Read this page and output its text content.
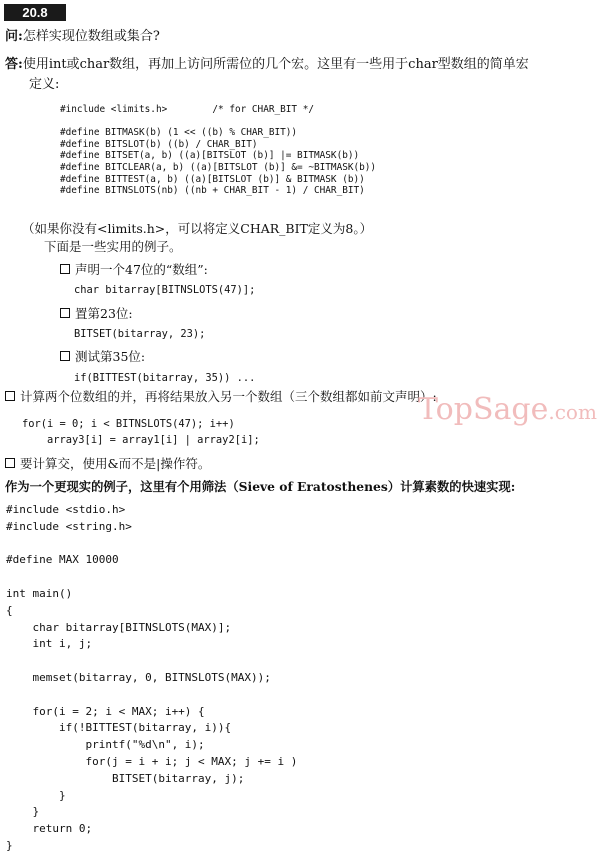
20.8
问:怎样实现位数组或集合?
答:使用int或char数组，再加上访问所需位的几个宏。这里有一些用于char型数组的简单宏
定义:
#include <limits.h>        /* for CHAR_BIT */

#define BITMASK(b) (1 << ((b) % CHAR_BIT))
#define BITSLOT(b) ((b) / CHAR_BIT)
#define BITSET(a, b) ((a)[BITSLOT (b)] |= BITMASK(b))
#define BITCLEAR(a, b) ((a)[BITSLOT (b)] &= ~BITMASK(b))
#define BITTEST(a, b) ((a)[BITSLOT (b)] & BITMASK (b))
#define BITNSLOTS(nb) ((nb + CHAR_BIT - 1) / CHAR_BIT)
（如果你没有<limits.h>，可以将定义CHAR_BIT定义为8。）
下面是一些实用的例子。
声明一个47位的“数组”:
char bitarray[BITNSLOTS(47)];
置第23位:
BITSET(bitarray, 23);
测试第35位:
if(BITTEST(bitarray, 35)) ...
计算两个位数组的并，再将结果放入另一个数组（三个数组都如前文声明）:
TopSage.com
for(i = 0; i < BITNSLOTS(47); i++)
array3[i] = array1[i] | array2[i];
要计算交，使用&而不是|操作符。
作为一个更现实的例子，这里有个用筛法（Sieve of Eratosthenes）计算素数的快速实现:
#include <stdio.h>
#include <string.h>

#define MAX 10000

int main()
{
char bitarray[BITNSLOTS(MAX)];
int i, j;

memset(bitarray, 0, BITNSLOTS(MAX));

for(i = 2; i < MAX; i++) {
if(!BITTEST(bitarray, i)){
printf("%d\n", i);
for(j = i + i; j < MAX; j += i )
BITSET(bitarray, j);
}
}
return 0;
}
